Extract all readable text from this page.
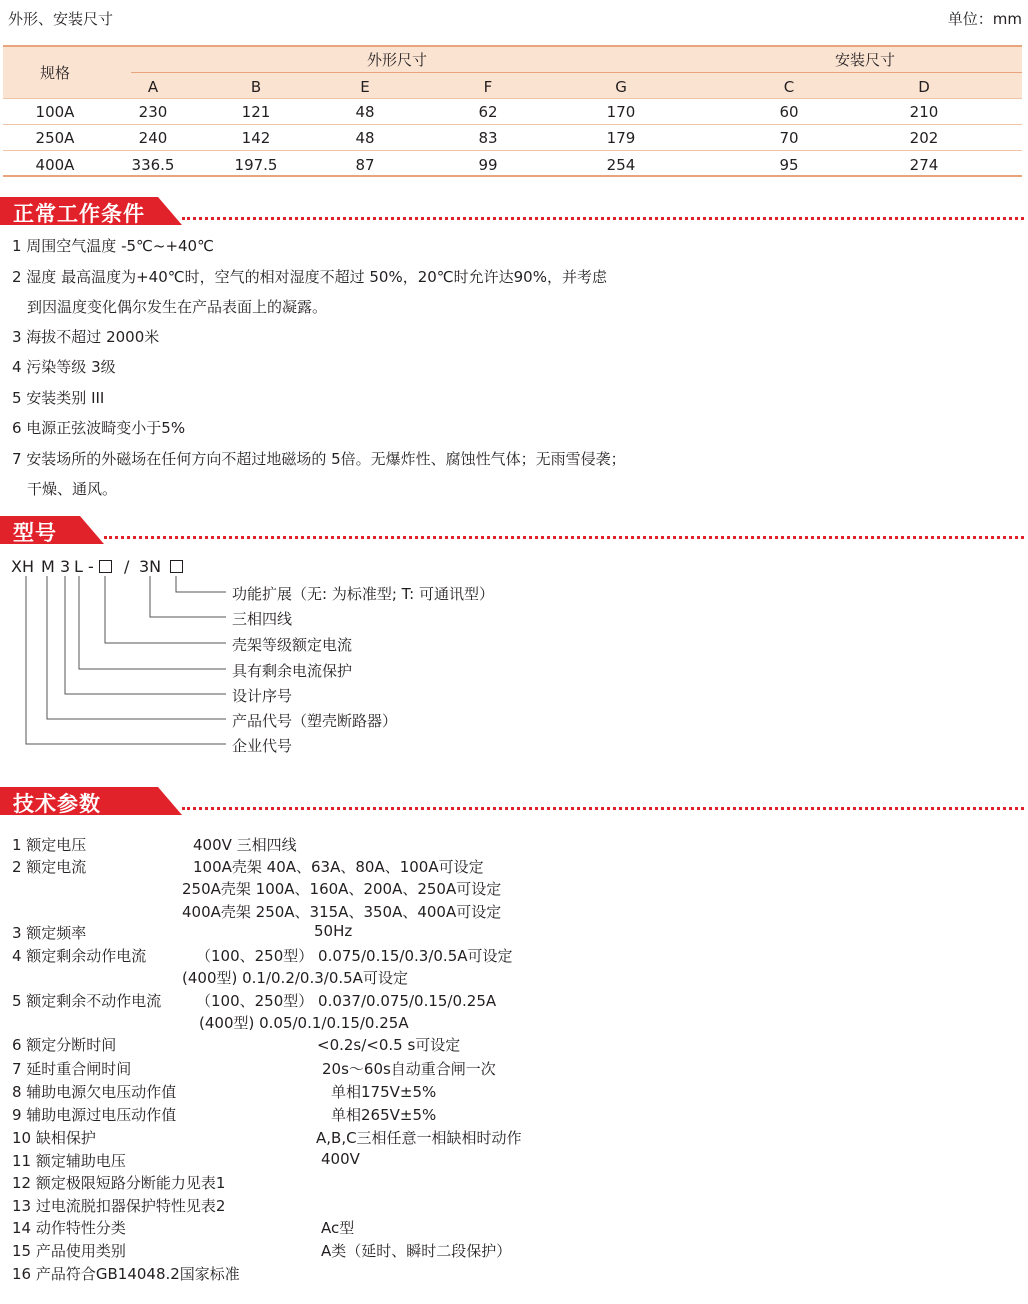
外形、安装尺寸	单位：mm
规格
外形尺寸	安装尺寸
A	B	E	F	G	C	D
100A	230	121	48	62	170	60	210
250A	240	142	48	83	179	70	202
400A	336.5	197.5	87	99	254	95	274
正常工作条件
1 周围空气温度 -5℃~+40℃
2 湿度 最高温度为+40℃时，空气的相对湿度不超过 50%，20℃时允许达90%，并考虑
到因温度变化偶尔发生在产品表面上的凝露。
3 海拔不超过 2000米
4 污染等级 3级
5 安装类别 III
6 电源正弦波畸变小于5%
7 安装场所的外磁场在任何方向不超过地磁场的 5倍。无爆炸性、腐蚀性气体；无雨雪侵袭；
干燥、通风。
型号
XH M 3 L - / 3N
功能扩展（无: 为标准型; T: 可通讯型）
三相四线
壳架等级额定电流
具有剩余电流保护
设计序号
产品代号（塑壳断路器）
企业代号
技术参数
1 额定电压	400V 三相四线
2 额定电流	100A壳架 40A、63A、80A、100A可设定
250A壳架 100A、160A、200A、250A可设定
400A壳架 250A、315A、350A、400A可设定
3 额定频率	50Hz
4 额定剩余动作电流	（100、250型） 0.075/0.15/0.3/0.5A可设定
(400型) 0.1/0.2/0.3/0.5A可设定
5 额定剩余不动作电流 （100、250型） 0.037/0.075/0.15/0.25A
(400型) 0.05/0.1/0.15/0.25A
6 额定分断时间	<0.2s/<0.5 s可设定
7 延时重合闸时间	20s～60s自动重合闸一次
8 辅助电源欠电压动作值	单相175V±5%
9 辅助电源过电压动作值	单相265V±5%
10 缺相保护	A,B,C三相任意一相缺相时动作
11 额定辅助电压	400V
12 额定极限短路分断能力见表1
13 过电流脱扣器保护特性见表2
14 动作特性分类	Ac型
15 产品使用类别	A类（延时、瞬时二段保护）
16 产品符合GB14048.2国家标准
